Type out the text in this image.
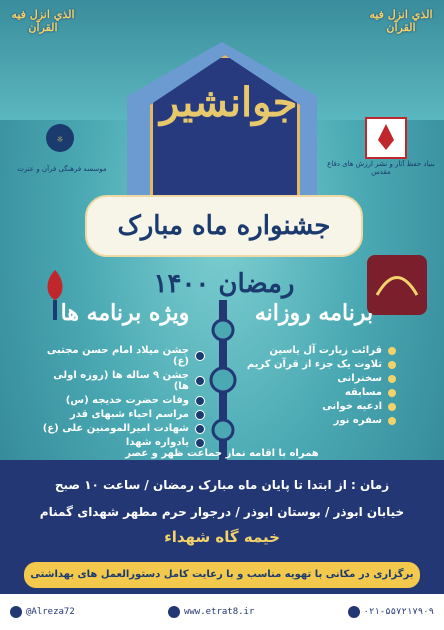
الذي انزل فيه القرآن
الذي انزل فيه القرآن
جوانشیر
☼
موسسه فرهنگی قرآن و عترت
بنیاد حفظ آثار و نشر ارزش های دفاع مقدس
جشنواره ماه مبارک رمضان ۱۴۰۰
برنامه روزانه
ویژه برنامه ها
قرائت زیارت آل یاسین
تلاوت یک جزء از قرآن کریم
سخنرانی
مسابقه
ادعیه خوانی
سفره نور
جشن میلاد امام حسن مجتبی (ع)
جشن ۹ ساله ها (روزه اولی ها)
وفات حضرت خدیجه (س)
مراسم احیاء شبهای قدر
شهادت امیرالمومنین علی (ع)
یادواره شهدا
همراه با اقامه نماز جماعت ظهر و عصر
زمان : از ابتدا تا پایان ماه مبارک رمضان / ساعت ۱۰ صبح
خیابان ابوذر / بوستان ابوذر / درجوار حرم مطهر شهدای گمنام
خیمه گاه شهداء
برگزاری در مکانی با تهویه مناسب و با رعایت کامل دستورالعمل های بهداشتی
@Alreza72	www.etrat8.ir	۰۲۱-۵۵۷۲۱۷۹۰۹
